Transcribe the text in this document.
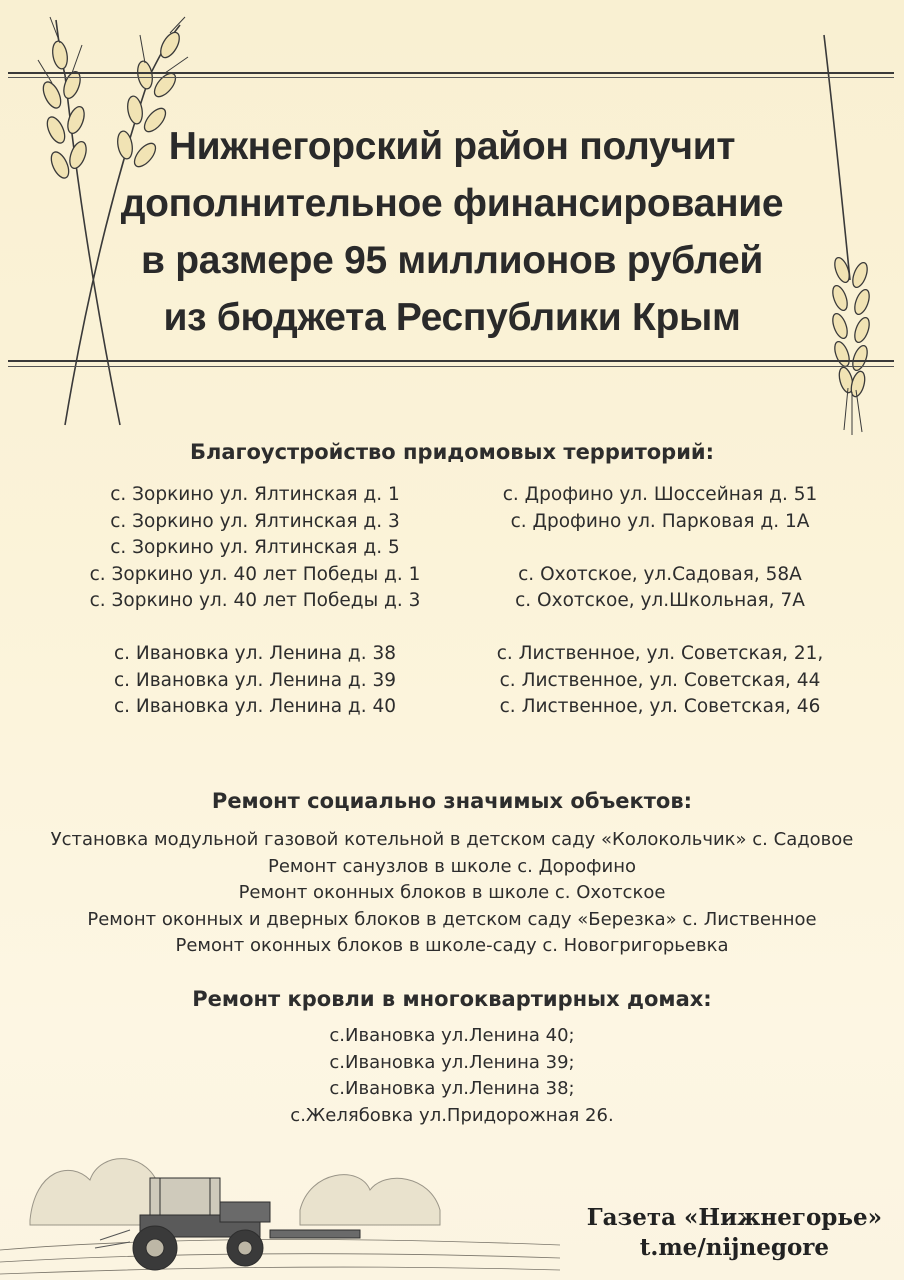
Нижнегорский район получит
дополнительное финансирование
в размере 95 миллионов рублей
из бюджета Республики Крым
Благоустройство придомовых территорий:
с. Зоркино ул. Ялтинская д. 1
с. Зоркино ул. Ялтинская д. 3
с. Зоркино ул. Ялтинская д. 5
с. Зоркино ул. 40 лет Победы д. 1
с. Зоркино ул. 40 лет Победы д. 3
с. Ивановка ул. Ленина д. 38
с. Ивановка ул. Ленина д. 39
с. Ивановка ул. Ленина д. 40
с. Дрофино ул. Шоссейная д. 51
с. Дрофино ул. Парковая д. 1А
с. Охотское, ул.Садовая, 58А
с. Охотское, ул.Школьная, 7А
с. Лиственное, ул. Советская, 21,
с. Лиственное, ул. Советская, 44
с. Лиственное, ул. Советская, 46
Ремонт социально значимых объектов:
Установка модульной газовой котельной в детском саду «Колокольчик» с. Садовое
Ремонт санузлов в школе с. Дорофино
Ремонт оконных блоков в школе с. Охотское
Ремонт оконных и дверных блоков в детском саду «Березка» с. Лиственное
Ремонт оконных блоков в школе-саду с. Новогригорьевка
Ремонт кровли в многоквартирных домах:
с.Ивановка ул.Ленина 40;
с.Ивановка ул.Ленина 39;
с.Ивановка ул.Ленина 38;
с.Желябовка ул.Придорожная 26.
Газета «Нижнегорье»
t.me/nijnegore
